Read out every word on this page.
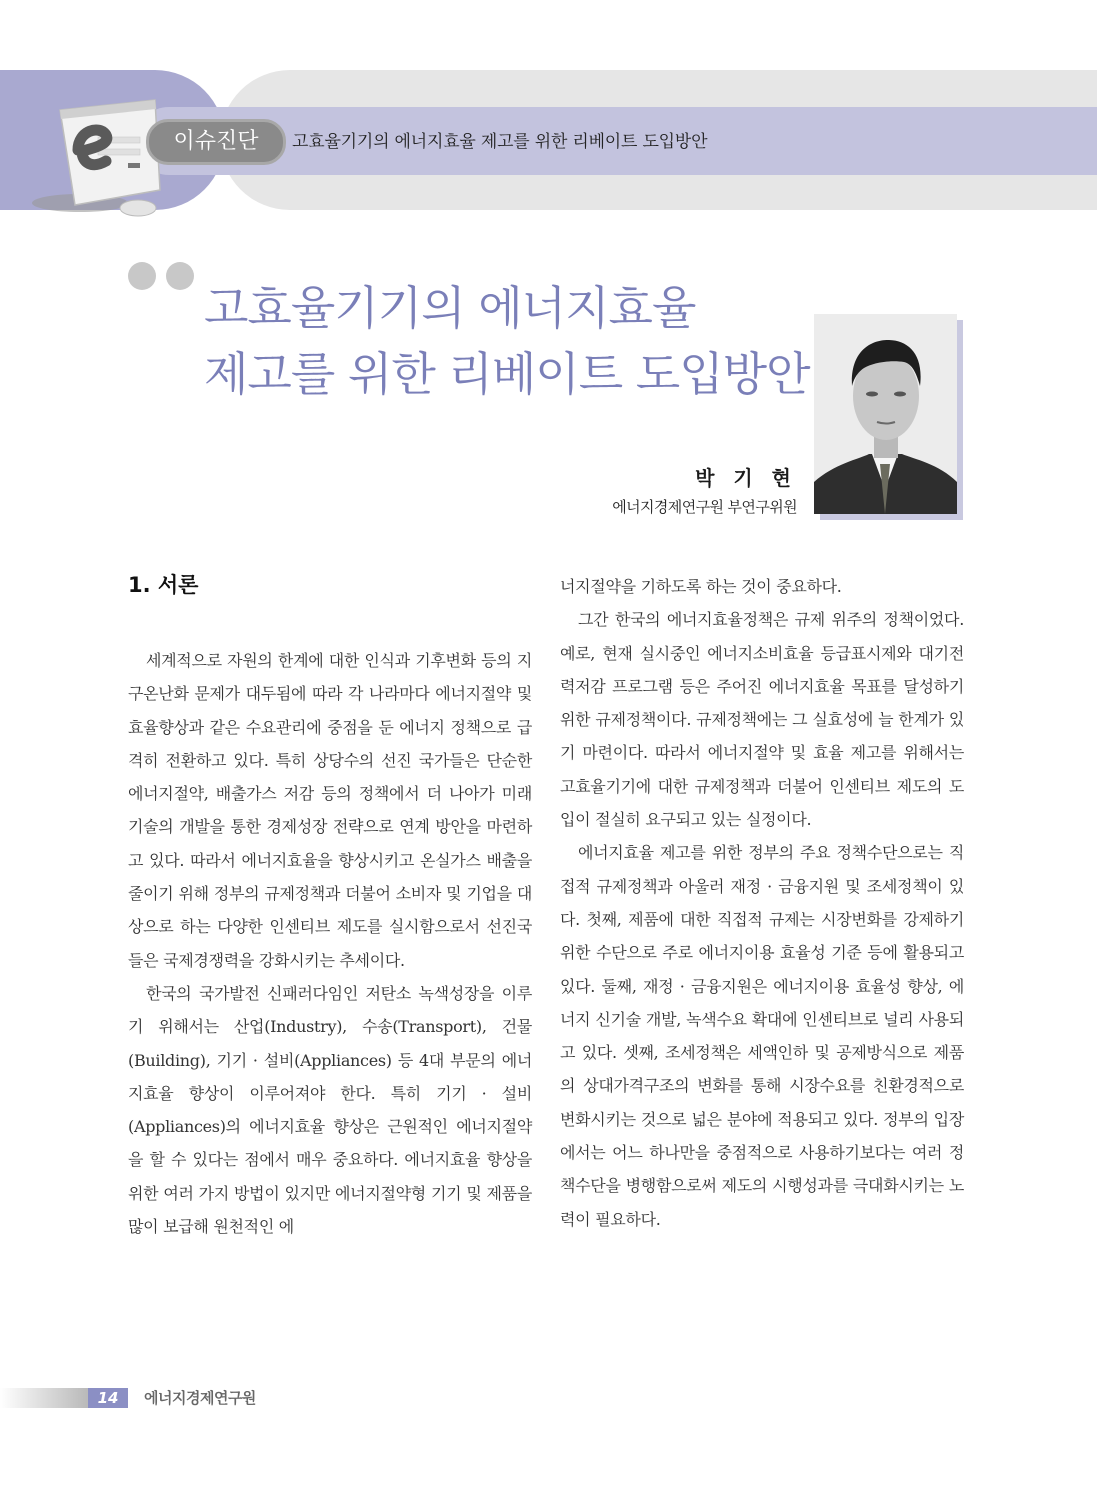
이슈진단	고효율기기의 에너지효율 제고를 위한 리베이트 도입방안
고효율기기의 에너지효율
제고를 위한 리베이트 도입방안
박 기 현
에너지경제연구원 부연구위원
1. 서론

세계적으로 자원의 한계에 대한 인식과 기후변화 등의 지구온난화 문제가 대두됨에 따라 각 나라마다 에너지절약 및 효율향상과 같은 수요관리에 중점을 둔 에너지 정책으로 급격히 전환하고 있다. 특히 상당수의 선진 국가들은 단순한 에너지절약, 배출가스 저감 등의 정책에서 더 나아가 미래 기술의 개발을 통한 경제성장 전략으로 연계 방안을 마련하고 있다. 따라서 에너지효율을 향상시키고 온실가스 배출을 줄이기 위해 정부의 규제정책과 더불어 소비자 및 기업을 대상으로 하는 다양한 인센티브 제도를 실시함으로서 선진국들은 국제경쟁력을 강화시키는 추세이다.

한국의 국가발전 신패러다임인 저탄소 녹색성장을 이루기 위해서는 산업(Industry), 수송(Transport), 건물(Building), 기기 · 설비(Appliances) 등 4대 부문의 에너지효율 향상이 이루어져야 한다. 특히 기기 · 설비(Appliances)의 에너지효율 향상은 근원적인 에너지절약을 할 수 있다는 점에서 매우 중요하다. 에너지효율 향상을 위한 여러 가지 방법이 있지만 에너지절약형 기기 및 제품을 많이 보급해 원천적인 에

너지절약을 기하도록 하는 것이 중요하다.

그간 한국의 에너지효율정책은 규제 위주의 정책이었다. 예로, 현재 실시중인 에너지소비효율 등급표시제와 대기전력저감 프로그램 등은 주어진 에너지효율 목표를 달성하기 위한 규제정책이다. 규제정책에는 그 실효성에 늘 한계가 있기 마련이다. 따라서 에너지절약 및 효율 제고를 위해서는 고효율기기에 대한 규제정책과 더불어 인센티브 제도의 도입이 절실히 요구되고 있는 실정이다.

에너지효율 제고를 위한 정부의 주요 정책수단으로는 직접적 규제정책과 아울러 재정 · 금융지원 및 조세정책이 있다. 첫째, 제품에 대한 직접적 규제는 시장변화를 강제하기 위한 수단으로 주로 에너지이용 효율성 기준 등에 활용되고 있다. 둘째, 재정 · 금융지원은 에너지이용 효율성 향상, 에너지 신기술 개발, 녹색수요 확대에 인센티브로 널리 사용되고 있다. 셋째, 조세정책은 세액인하 및 공제방식으로 제품의 상대가격구조의 변화를 통해 시장수요를 친환경적으로 변화시키는 것으로 넓은 분야에 적용되고 있다. 정부의 입장에서는 어느 하나만을 중점적으로 사용하기보다는 여러 정책수단을 병행함으로써 제도의 시행성과를 극대화시키는 노력이 필요하다.

14	에너지경제연구원
